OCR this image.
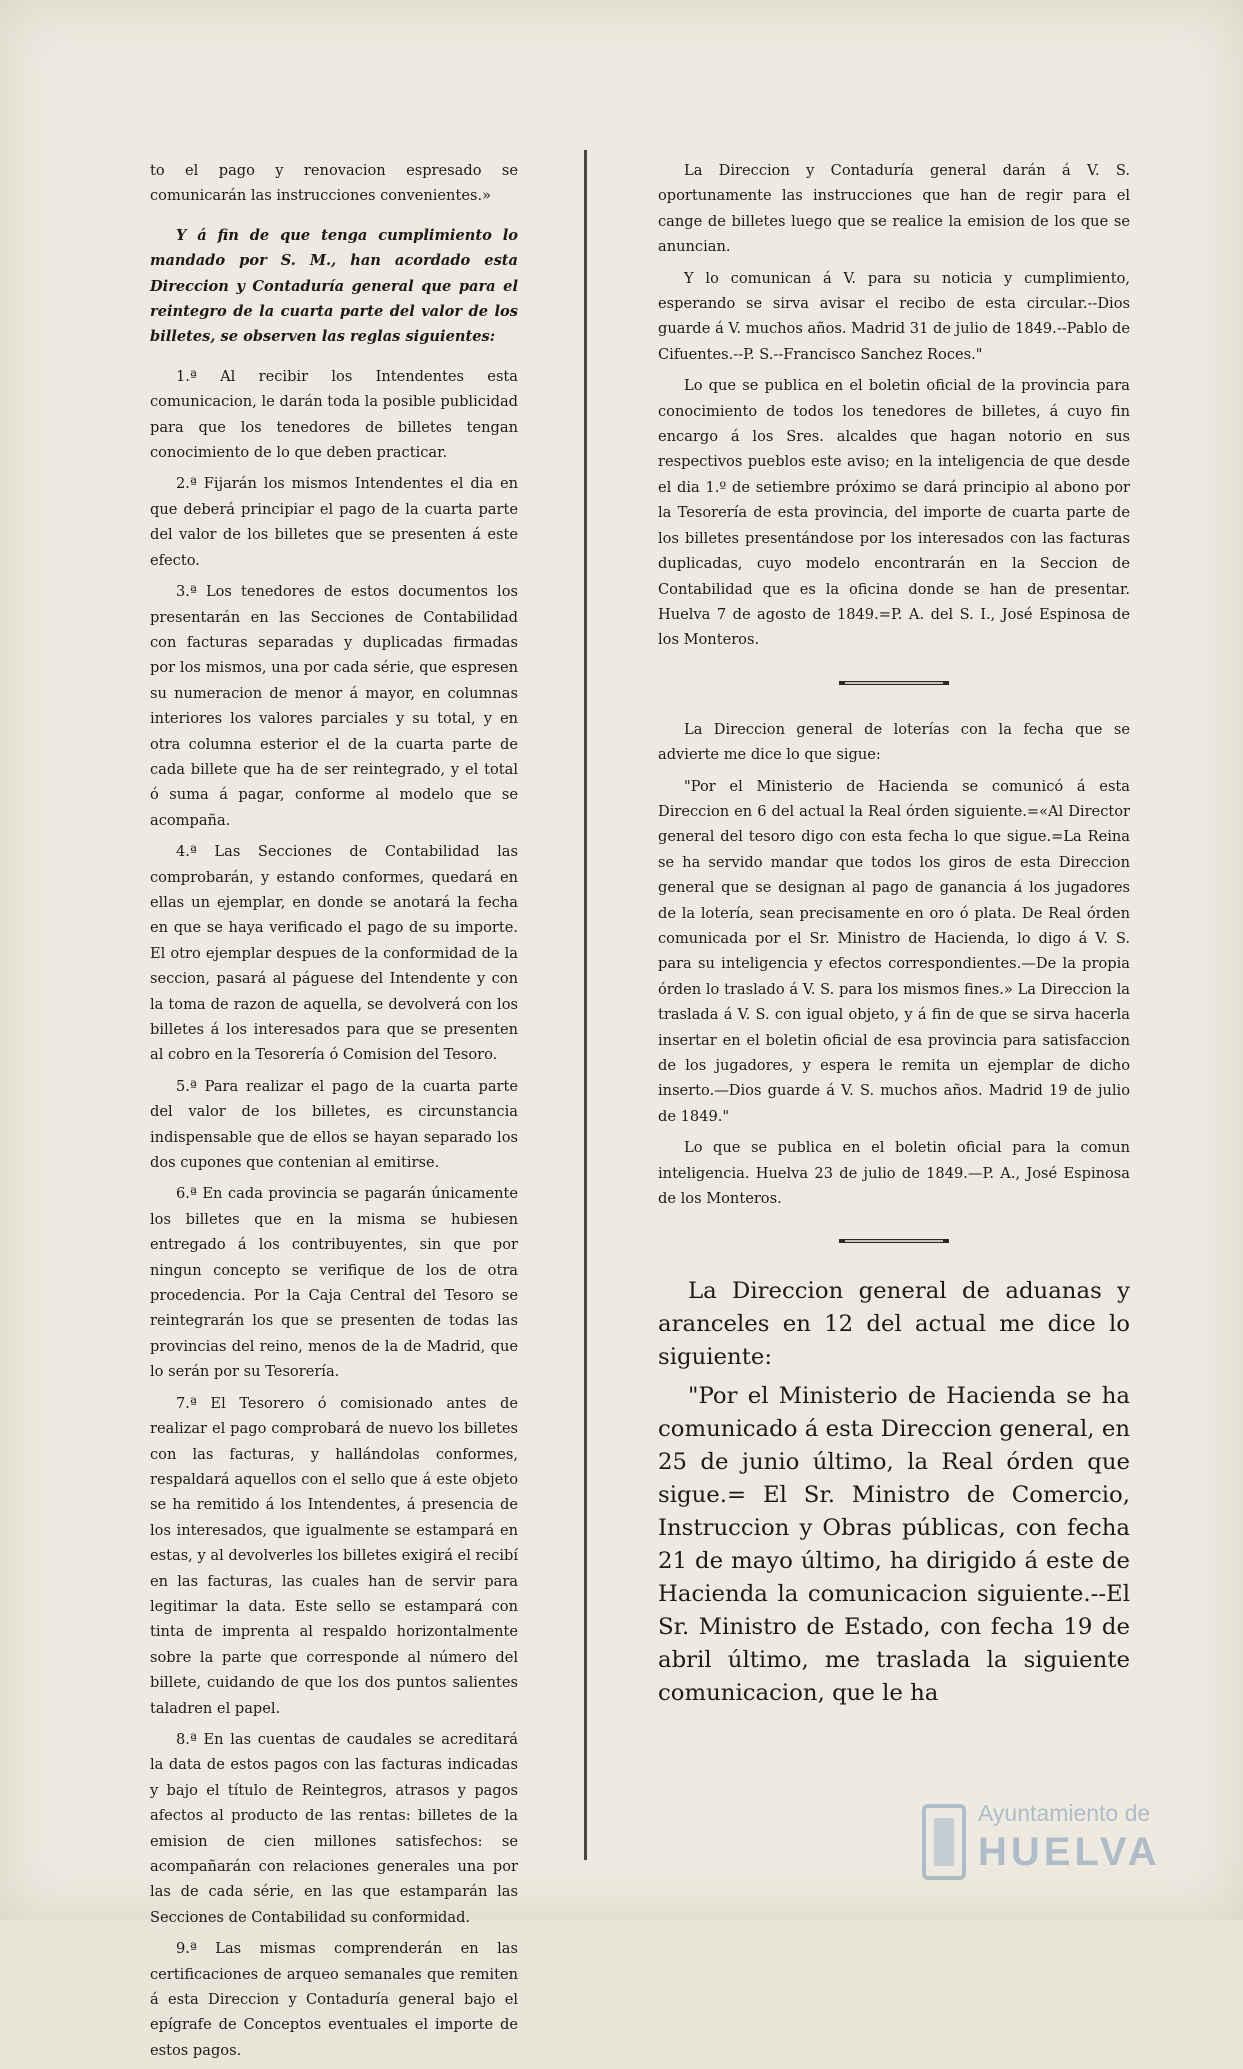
to el pago y renovacion espresado se comunicarán las instrucciones convenientes.»

Y á fin de que tenga cumplimiento lo mandado por S. M., han acordado esta Direccion y Contaduría general que para el reintegro de la cuarta parte del valor de los billetes, se observen las reglas siguientes:

1.ª Al recibir los Intendentes esta comunicacion, le darán toda la posible publicidad para que los tenedores de billetes tengan conocimiento de lo que deben practicar.

2.ª Fijarán los mismos Intendentes el dia en que deberá principiar el pago de la cuarta parte del valor de los billetes que se presenten á este efecto.

3.ª Los tenedores de estos documentos los presentarán en las Secciones de Contabilidad con facturas separadas y duplicadas firmadas por los mismos, una por cada série, que espresen su numeracion de menor á mayor, en columnas interiores los valores parciales y su total, y en otra columna esterior el de la cuarta parte de cada billete que ha de ser reintegrado, y el total ó suma á pagar, conforme al modelo que se acompaña.

4.ª Las Secciones de Contabilidad las comprobarán, y estando conformes, quedará en ellas un ejemplar, en donde se anotará la fecha en que se haya verificado el pago de su importe. El otro ejemplar despues de la conformidad de la seccion, pasará al páguese del Intendente y con la toma de razon de aquella, se devolverá con los billetes á los interesados para que se presenten al cobro en la Tesorería ó Comision del Tesoro.

5.ª Para realizar el pago de la cuarta parte del valor de los billetes, es circunstancia indispensable que de ellos se hayan separado los dos cupones que contenian al emitirse.

6.ª En cada provincia se pagarán únicamente los billetes que en la misma se hubiesen entregado á los contribuyentes, sin que por ningun concepto se verifique de los de otra procedencia. Por la Caja Central del Tesoro se reintegrarán los que se presenten de todas las provincias del reino, menos de la de Madrid, que lo serán por su Tesorería.

7.ª El Tesorero ó comisionado antes de realizar el pago comprobará de nuevo los billetes con las facturas, y hallándolas conformes, respaldará aquellos con el sello que á este objeto se ha remitido á los Intendentes, á presencia de los interesados, que igualmente se estampará en estas, y al devolverles los billetes exigirá el recibí en las facturas, las cuales han de servir para legitimar la data. Este sello se estampará con tinta de imprenta al respaldo horizontalmente sobre la parte que corresponde al número del billete, cuidando de que los dos puntos salientes taladren el papel.

8.ª En las cuentas de caudales se acreditará la data de estos pagos con las facturas indicadas y bajo el título de Reintegros, atrasos y pagos afectos al producto de las rentas: billetes de la emision de cien millones satisfechos: se acompañarán con relaciones generales una por las de cada série, en las que estamparán las Secciones de Contabilidad su conformidad.

9.ª Las mismas comprenderán en las certificaciones de arqueo semanales que remiten á esta Direccion y Contaduría general bajo el epígrafe de Conceptos eventuales el importe de estos pagos.

La Direccion y Contaduría general darán á V. S. oportunamente las instrucciones que han de regir para el cange de billetes luego que se realice la emision de los que se anuncian.

Y lo comunican á V. para su noticia y cumplimiento, esperando se sirva avisar el recibo de esta circular.--Dios guarde á V. muchos años. Madrid 31 de julio de 1849.--Pablo de Cifuentes.--P. S.--Francisco Sanchez Roces."

Lo que se publica en el boletin oficial de la provincia para conocimiento de todos los tenedores de billetes, á cuyo fin encargo á los Sres. alcaldes que hagan notorio en sus respectivos pueblos este aviso; en la inteligencia de que desde el dia 1.º de setiembre próximo se dará principio al abono por la Tesorería de esta provincia, del importe de cuarta parte de los billetes presentándose por los interesados con las facturas duplicadas, cuyo modelo encontrarán en la Seccion de Contabilidad que es la oficina donde se han de presentar. Huelva 7 de agosto de 1849.=P. A. del S. I., José Espinosa de los Monteros.

La Direccion general de loterías con la fecha que se advierte me dice lo que sigue:

"Por el Ministerio de Hacienda se comunicó á esta Direccion en 6 del actual la Real órden siguiente.=«Al Director general del tesoro digo con esta fecha lo que sigue.=La Reina se ha servido mandar que todos los giros de esta Direccion general que se designan al pago de ganancia á los jugadores de la lotería, sean precisamente en oro ó plata. De Real órden comunicada por el Sr. Ministro de Hacienda, lo digo á V. S. para su inteligencia y efectos correspondientes.—De la propia órden lo traslado á V. S. para los mismos fines.» La Direccion la traslada á V. S. con igual objeto, y á fin de que se sirva hacerla insertar en el boletin oficial de esa provincia para satisfaccion de los jugadores, y espera le remita un ejemplar de dicho inserto.—Dios guarde á V. S. muchos años. Madrid 19 de julio de 1849."

Lo que se publica en el boletin oficial para la comun inteligencia. Huelva 23 de julio de 1849.—P. A., José Espinosa de los Monteros.

La Direccion general de aduanas y aranceles en 12 del actual me dice lo siguiente:

"Por el Ministerio de Hacienda se ha comunicado á esta Direccion general, en 25 de junio último, la Real órden que sigue.= El Sr. Ministro de Comercio, Instruccion y Obras públicas, con fecha 21 de mayo último, ha dirigido á este de Hacienda la comunicacion siguiente.--El Sr. Ministro de Estado, con fecha 19 de abril último, me traslada la siguiente comunicacion, que le ha

Ayuntamiento de
HUELVA
